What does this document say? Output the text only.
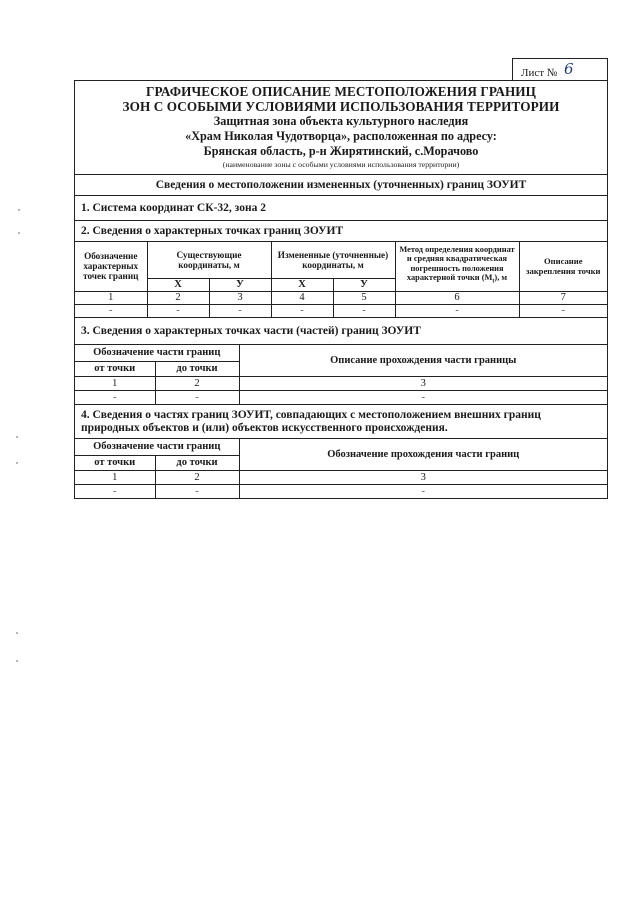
Лист № 6
ГРАФИЧЕСКОЕ ОПИСАНИЕ МЕСТОПОЛОЖЕНИЯ ГРАНИЦ
ЗОН С ОСОБЫМИ УСЛОВИЯМИ ИСПОЛЬЗОВАНИЯ ТЕРРИТОРИИ
Защитная зона объекта культурного наследия
«Храм Николая Чудотворца», расположенная по адресу:
Брянская область, р-н Жирятинский, с.Морачово
(наименование зоны с особыми условиями использования территории)
Сведения о местоположении измененных (уточненных) границ ЗОУИТ
1. Система координат СК-32, зона 2
2. Сведения о характерных точках границ ЗОУИТ
Обозначение характерных точек границ	Существующие координаты, м		Измененные (уточненные) координаты, м		Метод определения координат и средняя квадратическая погрешность положения характерной точки $(M_t)$, м	Описание закрепления точки
	X	У	X	У		
1	2	3	4	5	6	7
-	-	-	-	-	-	-
3. Сведения о характерных точках части (частей) границ ЗОУИТ
Обозначение части границ		Описание прохождения части границы
от точки	до точки	
1	2	3
-	-	-
4. Сведения о частях границ ЗОУИТ, совпадающих с местоположением внешних границ природных объектов и (или) объектов искусственного происхождения.
Обозначение части границ		Обозначение прохождения части границ
от точки	до точки	
1	2	3
-	-	-
